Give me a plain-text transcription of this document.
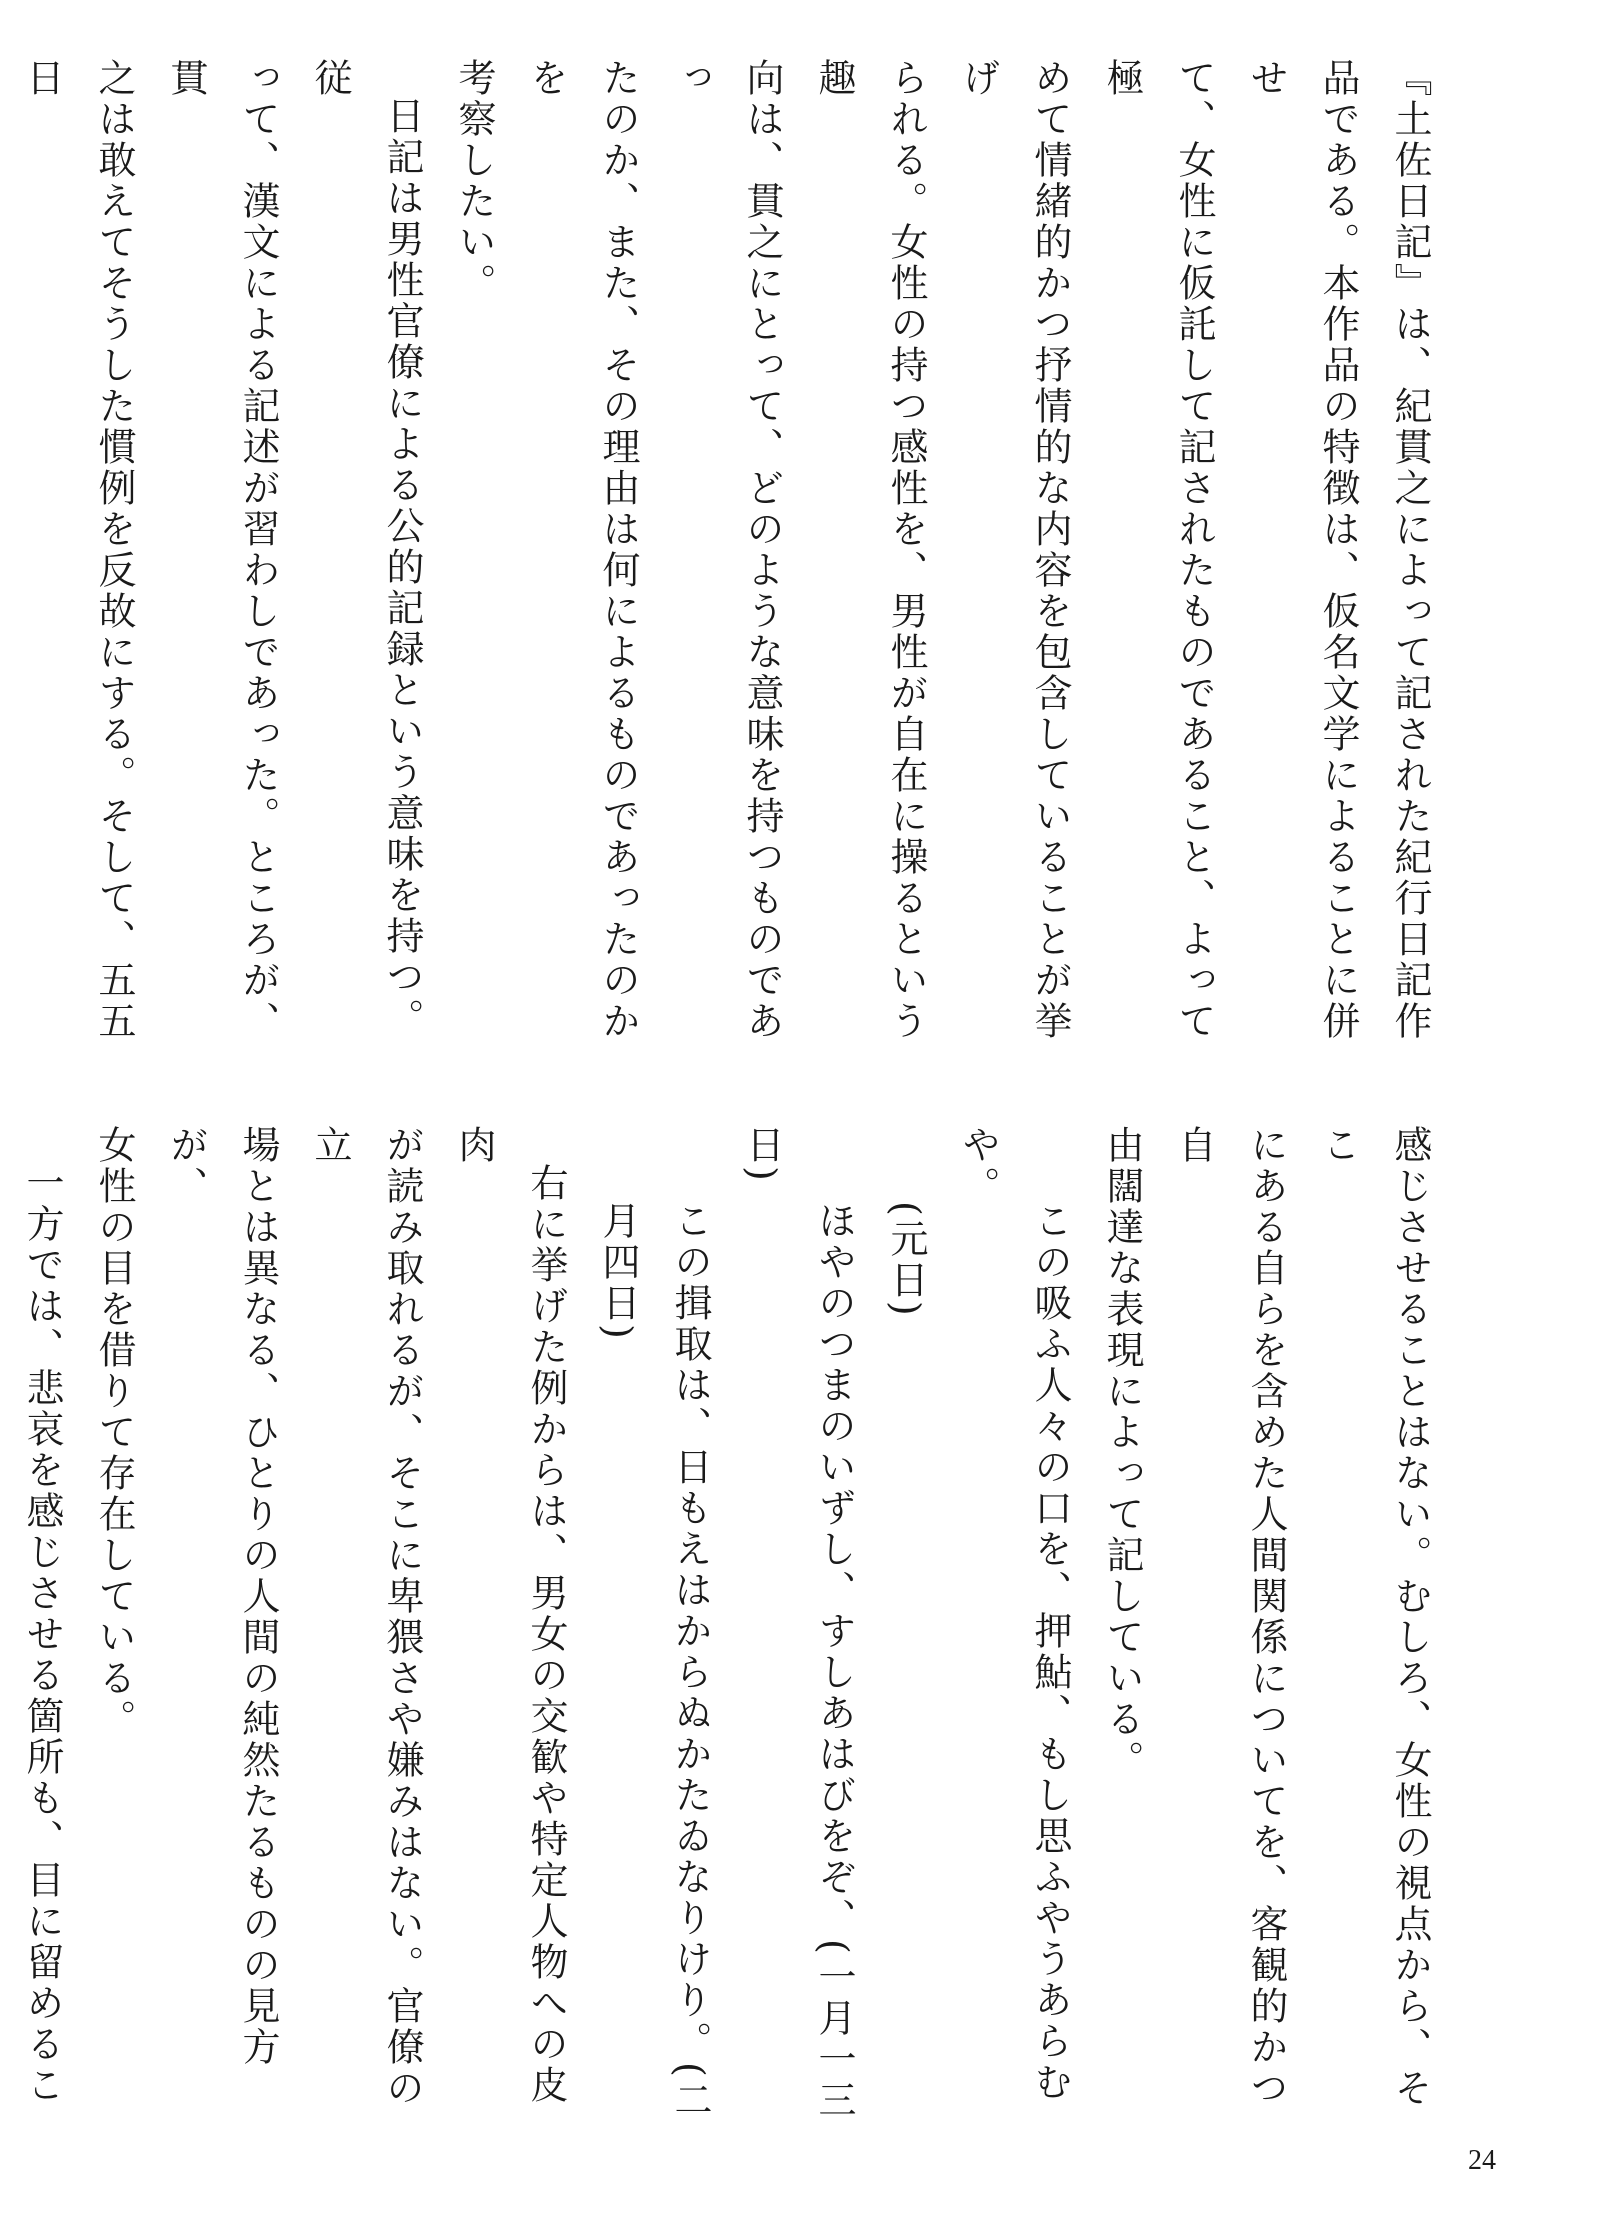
『土佐日記』は、紀貫之によって記された紀行日記作
品である。本作品の特徴は、仮名文学によることに併せ
て、女性に仮託して記されたものであること、よって極
めて情緒的かつ抒情的な内容を包含していることが挙げ
られる。女性の持つ感性を、男性が自在に操るという趣
向は、貫之にとって、どのような意味を持つものであっ
たのか、また、その理由は何によるものであったのかを
考察したい。
日記は男性官僚による公的記録という意味を持つ。従
って、漢文による記述が習わしであった。ところが、貫
之は敢えてそうした慣例を反故にする。そして、五五日
感じさせることはない。むしろ、女性の視点から、そこ
にある自らを含めた人間関係についてを、客観的かつ自
由闊達な表現によって記している。
この吸ふ人々の口を、押鮎、もし思ふやうあらむや。
(元日)
ほやのつまのいずし、すしあはびをぞ、(一月一三日)
この揖取は、日もえはからぬかたゐなりけり。(二
月四日)
右に挙げた例からは、男女の交歓や特定人物への皮肉
が読み取れるが、そこに卑猥さや嫌みはない。官僚の立
場とは異なる、ひとりの人間の純然たるものの見方が、
女性の目を借りて存在している。
一方では、悲哀を感じさせる箇所も、目に留めるこ
24
